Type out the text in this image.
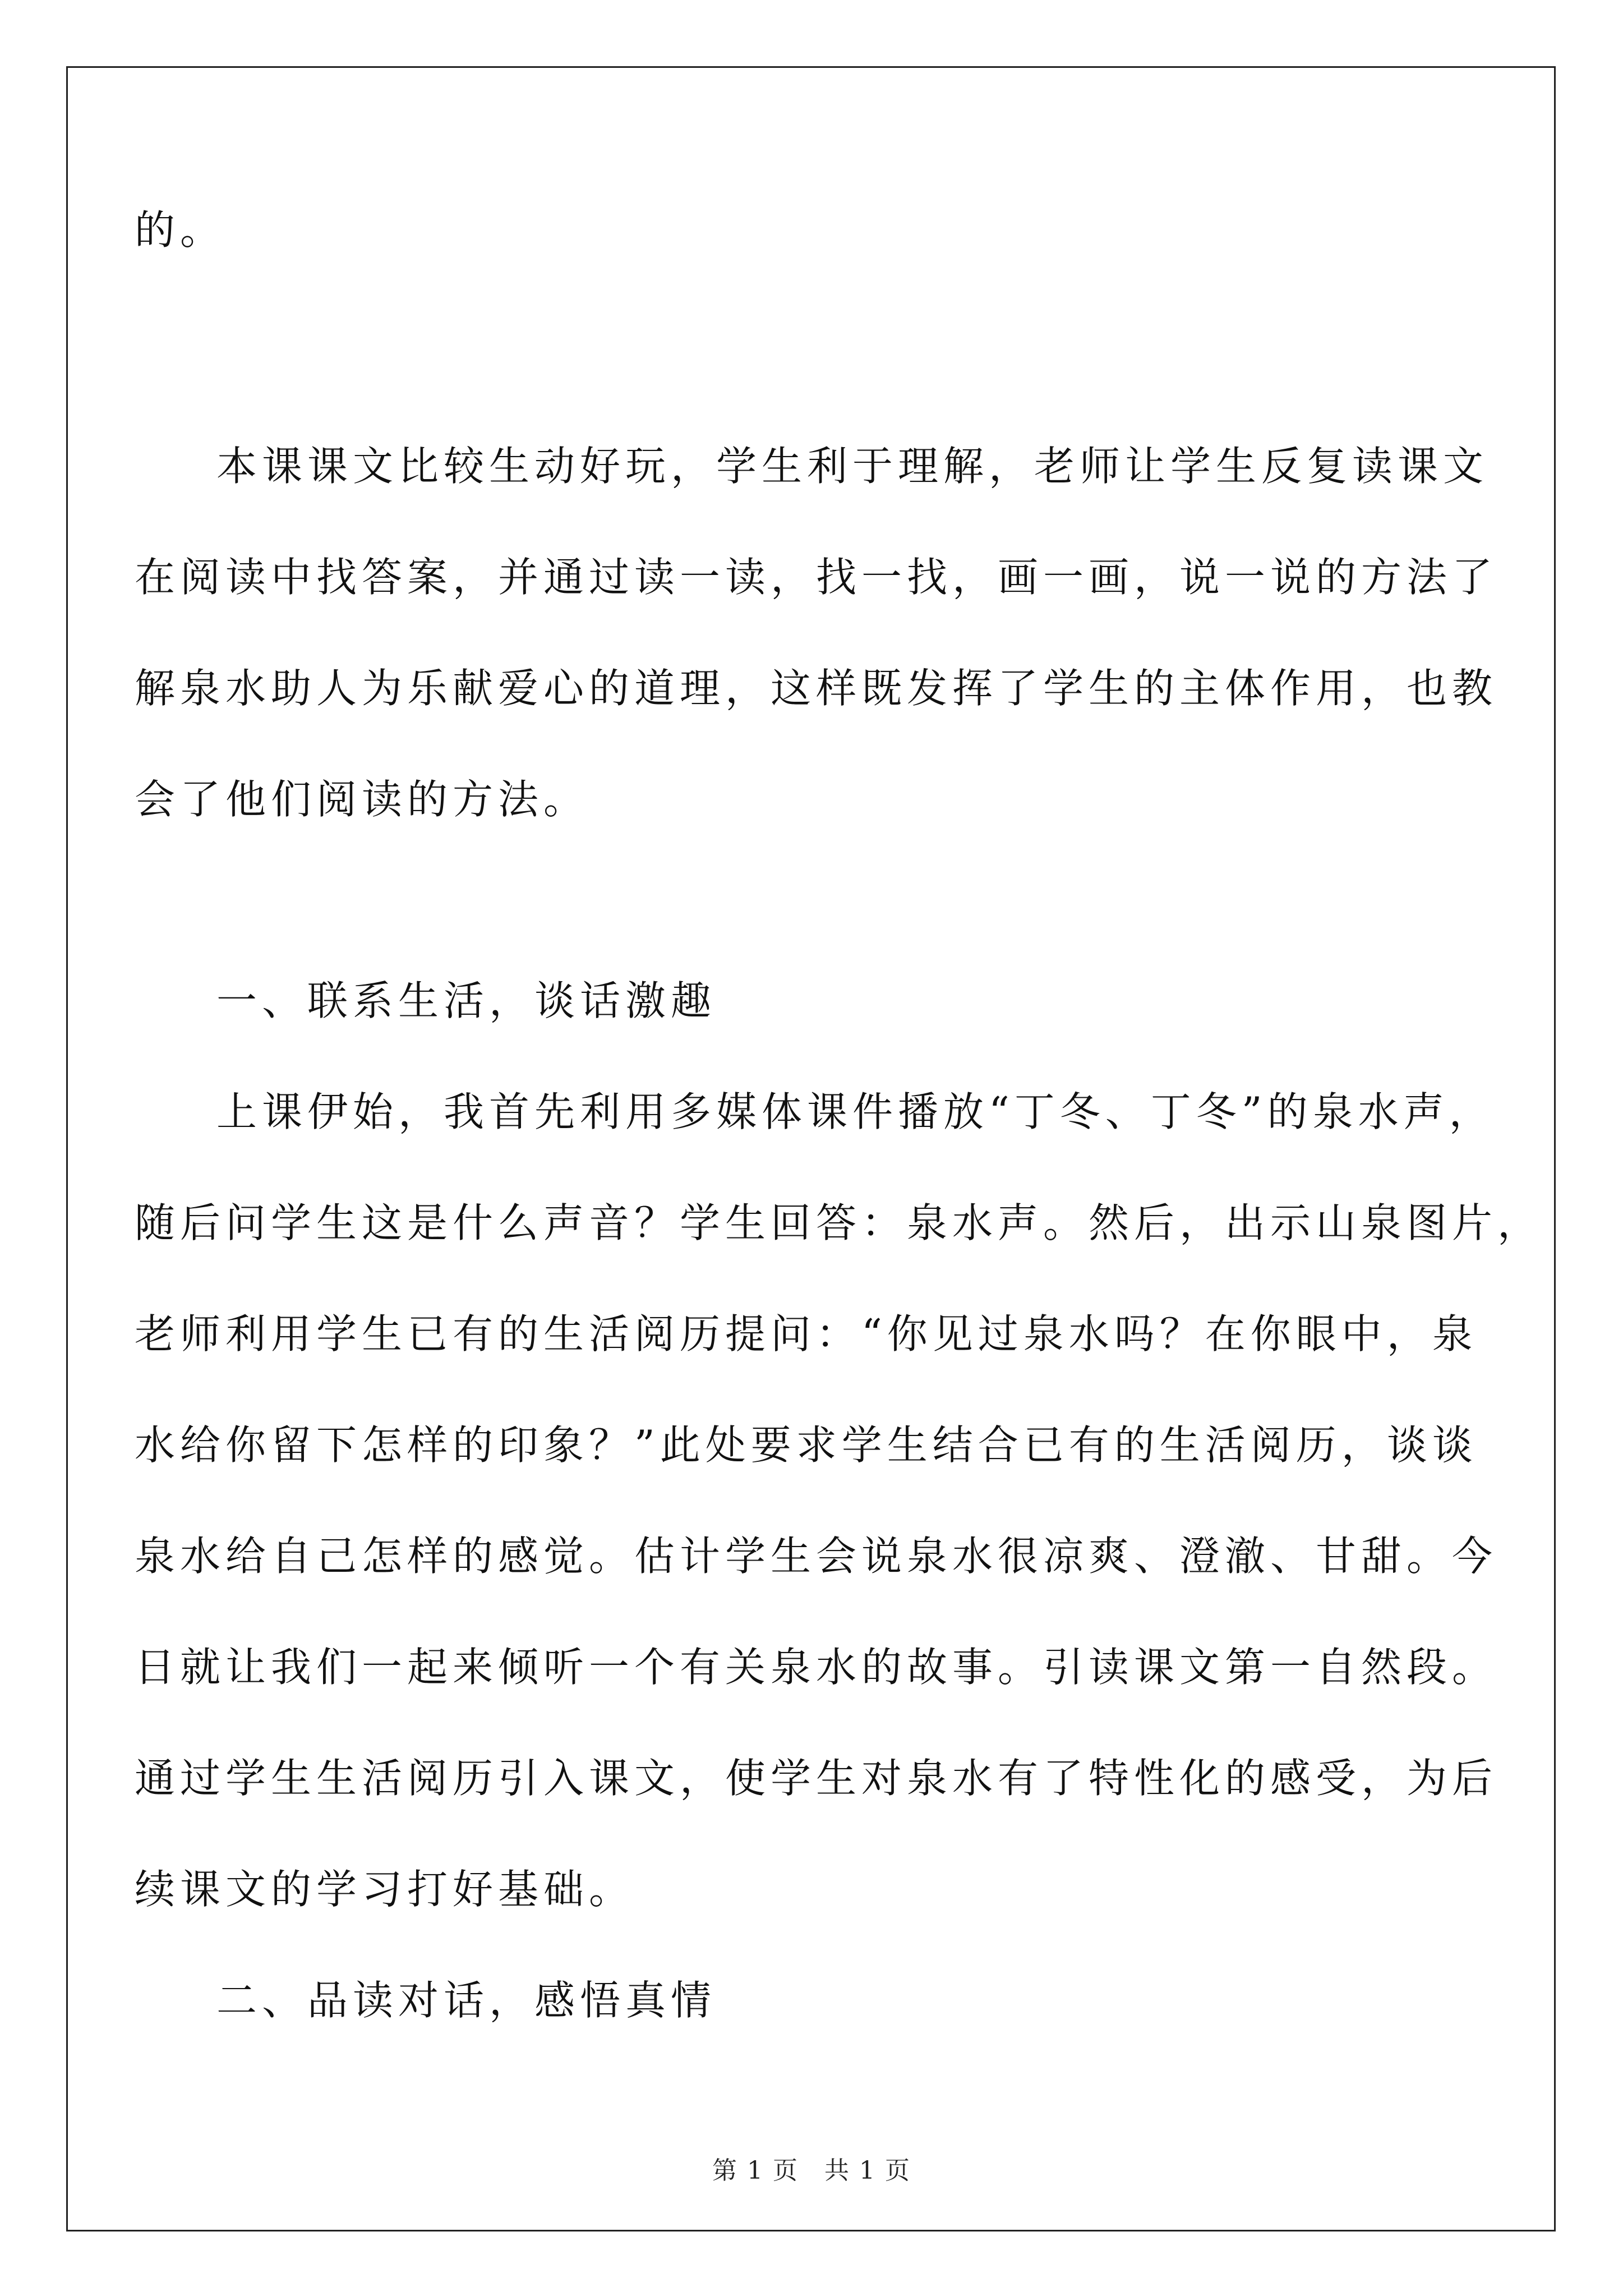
的。
本课课文比较生动好玩，学生利于理解，老师让学生反复读课文
在阅读中找答案，并通过读一读，找一找，画一画，说一说的方法了
解泉水助人为乐献爱心的道理，这样既发挥了学生的主体作用，也教
会了他们阅读的方法。
一、联系生活，谈话激趣
上课伊始，我首先利用多媒体课件播放“丁冬、丁冬”的泉水声，
随后问学生这是什么声音？学生回答：泉水声。然后，出示山泉图片，
老师利用学生已有的生活阅历提问：“你见过泉水吗？在你眼中，泉
水给你留下怎样的印象？”此处要求学生结合已有的生活阅历，谈谈
泉水给自己怎样的感觉。估计学生会说泉水很凉爽、澄澈、甘甜。今
日就让我们一起来倾听一个有关泉水的故事。引读课文第一自然段。
通过学生生活阅历引入课文，使学生对泉水有了特性化的感受，为后
续课文的学习打好基础。
二、品读对话，感悟真情
第 1 页　共 1 页
